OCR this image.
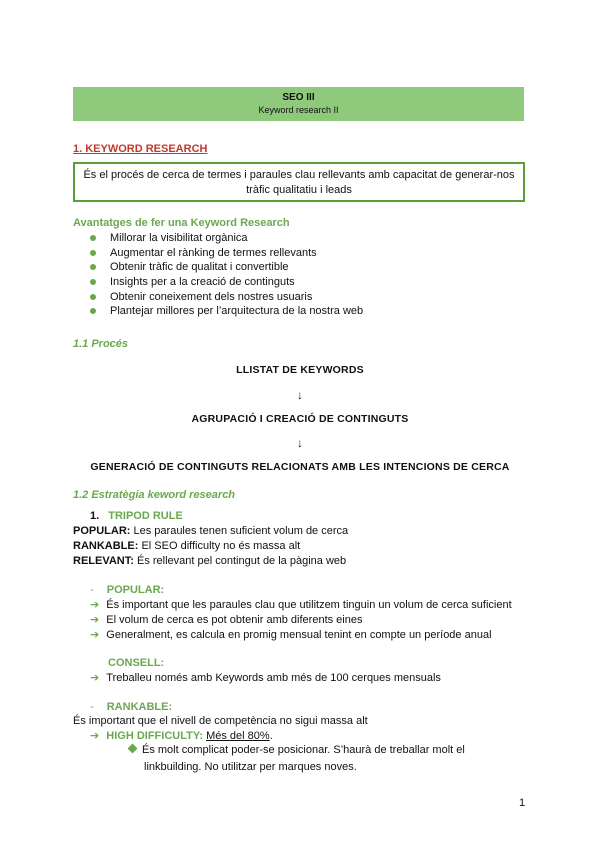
SEO III
Keyword research II
1. KEYWORD RESEARCH
És el procés de cerca de termes i paraules clau rellevants amb capacitat de generar-nos
tràfic qualitatiu i leads
Avantatges de fer una Keyword Research
Millorar la visibilitat orgànica
Augmentar el rànking de termes rellevants
Obtenir tràfic de qualitat i convertible
Insights per a la creació de continguts
Obtenir coneixement dels nostres usuaris
Plantejar millores per l’arquitectura de la nostra web
1.1 Procés
LLISTAT DE KEYWORDS
↓
AGRUPACIÓ I CREACIÓ DE CONTINGUTS
↓
GENERACIÓ DE CONTINGUTS RELACIONATS AMB LES INTENCIONS DE CERCA
1.2 Estratègia keword research
1. TRIPOD RULE
POPULAR: Les paraules tenen suficient volum de cerca
RANKABLE: El SEO difficulty no és massa alt
RELEVANT: És rellevant pel contingut de la pàgina web
- POPULAR:
➔ És important que les paraules clau que utilitzem tinguin un volum de cerca suficient
➔ El volum de cerca es pot obtenir amb diferents eines
➔ Generalment, es calcula en promig mensual tenint en compte un període anual
CONSELL:
➔ Treballeu només amb Keywords amb més de 100 cerques mensuals
- RANKABLE:
És important que el nivell de competència no sigui massa alt
➔ HIGH DIFFICULTY: Més del 80%.
És molt complicat poder-se posicionar. S’haurà de treballar molt el
linkbuilding. No utilitzar per marques noves.
1
